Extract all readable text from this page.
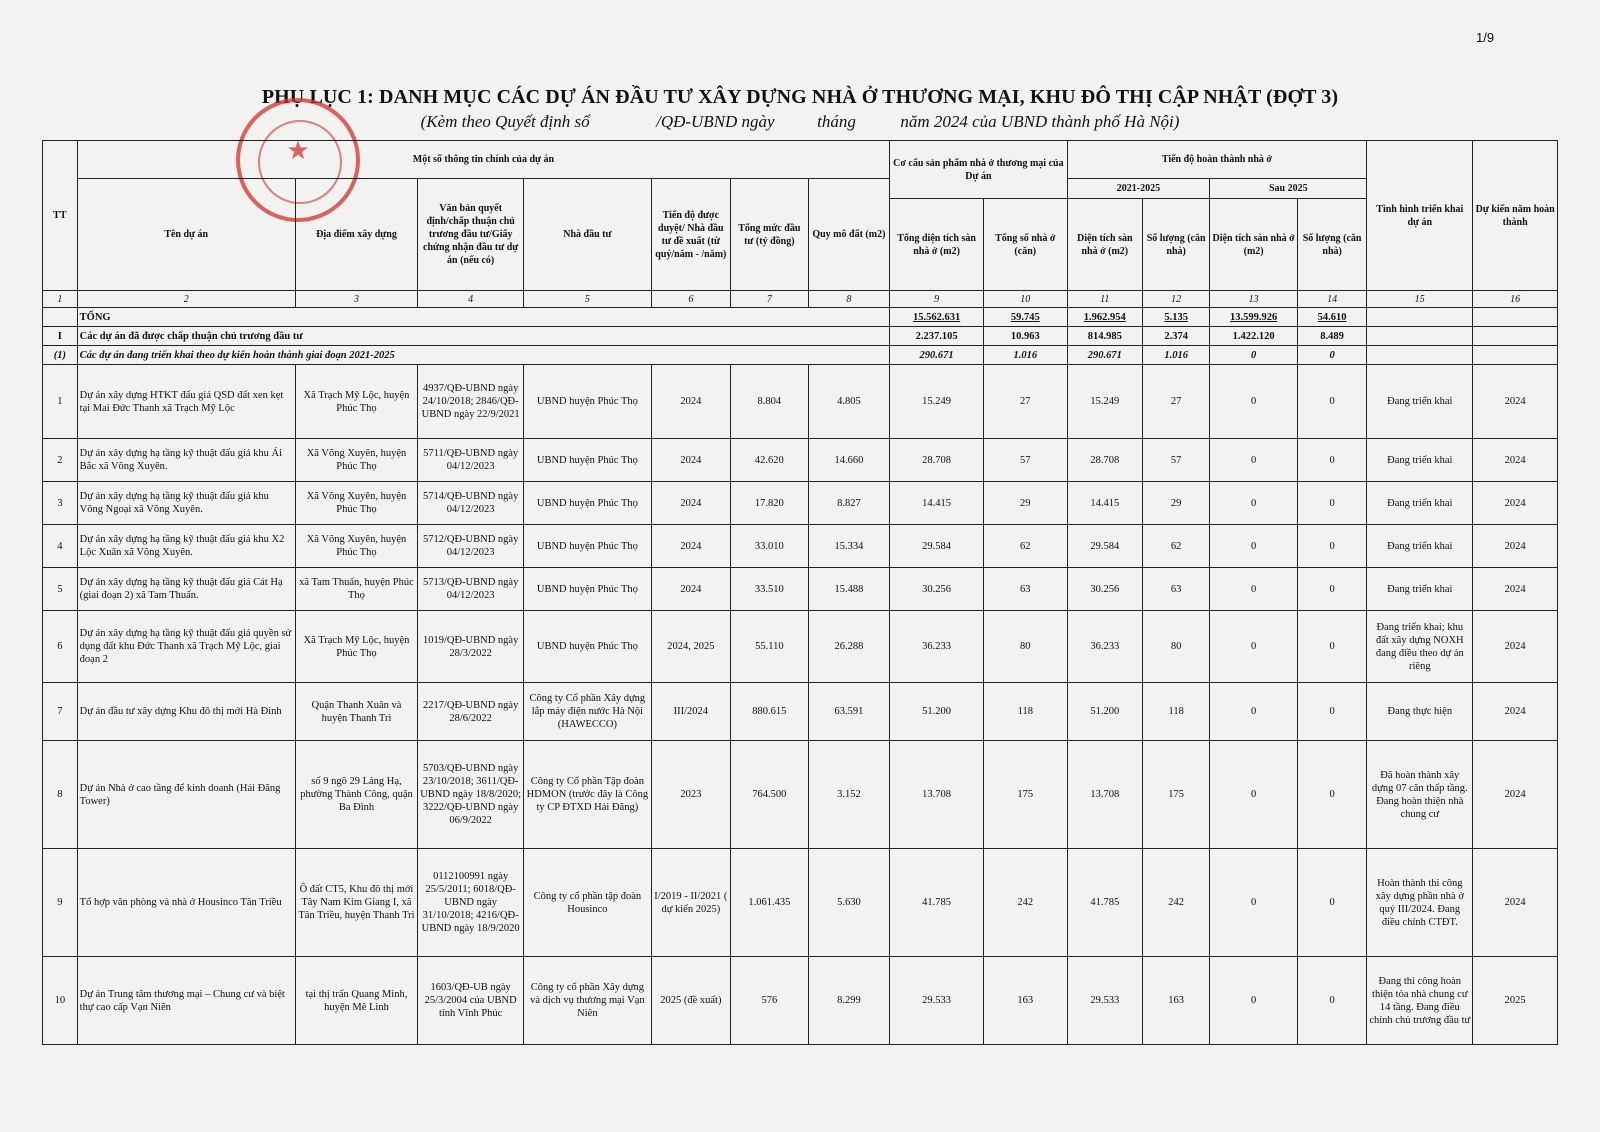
1/9
PHỤ LỤC 1: DANH MỤC CÁC DỰ ÁN ĐẦU TƯ XÂY DỰNG NHÀ Ở THƯƠNG MẠI, KHU ĐÔ THỊ CẬP NHẬT (ĐỢT 3)
(Kèm theo Quyết định số	/QĐ-UBND ngày	tháng	năm 2024 của UBND thành phố Hà Nội)
★
TT	Một số thông tin chính của dự án							Cơ cấu sản phẩm nhà ở thương mại của Dự án		Tiến độ hoàn thành nhà ở				Tình hình triển khai dự án	Dự kiến năm hoàn thành
	Tên dự án	Địa điểm xây dựng	Văn bản quyết định/chấp thuận chủ trương đầu tư/Giấy chứng nhận đầu tư dự án (nếu có)	Nhà đầu tư	Tiến độ được duyệt/ Nhà đầu tư đề xuất (từ quý/năm - /năm)	Tổng mức đầu tư (tỷ đồng)	Quy mô đất (m2)			2021-2025		Sau 2025			
								Tổng diện tích sàn nhà ở (m2)	Tổng số nhà ở (căn)	Diện tích sàn nhà ở (m2)	Số lượng (căn nhà)	Diện tích sàn nhà ở (m2)	Số lượng (căn nhà)		
1	2	3	4	5	6	7	8	9	10	11	12	13	14	15	16
	TỔNG							15.562.631	59.745	1.962.954	5.135	13.599.926	54.610		
I	Các dự án đã được chấp thuận chủ trương đầu tư							2.237.105	10.963	814.985	2.374	1.422.120	8.489		
(1)	Các dự án đang triển khai theo dự kiến hoàn thành giai đoạn 2021-2025							290.671	1.016	290.671	1.016	0	0		
1	Dự án xây dựng HTKT đấu giá QSD đất xen kẹt tại Mai Đức Thanh xã Trạch Mỹ Lộc	Xã Trạch Mỹ Lộc, huyện Phúc Thọ	4937/QĐ-UBND ngày 24/10/2018; 2846/QĐ-UBND ngày 22/9/2021	UBND huyện Phúc Thọ	2024	8.804	4.805	15.249	27	15.249	27	0	0	Đang triển khai	2024
2	Dự án xây dựng hạ tầng kỹ thuật đấu giá khu Ái Bắc xã Võng Xuyên.	Xã Võng Xuyên, huyện Phúc Thọ	5711/QĐ-UBND ngày 04/12/2023	UBND huyện Phúc Thọ	2024	42.620	14.660	28.708	57	28.708	57	0	0	Đang triển khai	2024
3	Dự án xây dựng hạ tầng kỹ thuật đấu giá khu Võng Ngoại xã Võng Xuyên.	Xã Võng Xuyên, huyện Phúc Thọ	5714/QĐ-UBND ngày 04/12/2023	UBND huyện Phúc Thọ	2024	17.820	8.827	14.415	29	14.415	29	0	0	Đang triển khai	2024
4	Dự án xây dựng hạ tầng kỹ thuật đấu giá khu X2 Lộc Xuân xã Võng Xuyên.	Xã Võng Xuyên, huyện Phúc Thọ	5712/QĐ-UBND ngày 04/12/2023	UBND huyện Phúc Thọ	2024	33.010	15.334	29.584	62	29.584	62	0	0	Đang triển khai	2024
5	Dự án xây dựng hạ tầng kỹ thuật đấu giá Cát Hạ (giai đoạn 2) xã Tam Thuấn.	xã Tam Thuấn, huyện Phúc Thọ	5713/QĐ-UBND ngày 04/12/2023	UBND huyện Phúc Thọ	2024	33.510	15.488	30.256	63	30.256	63	0	0	Đang triển khai	2024
6	Dự án xây dựng hạ tầng kỹ thuật đấu giá quyền sử dụng đất khu Đức Thanh xã Trạch Mỹ Lộc, giai đoạn 2	Xã Trạch Mỹ Lộc, huyện Phúc Thọ	1019/QĐ-UBND ngày 28/3/2022	UBND huyện Phúc Thọ	2024, 2025	55.110	26.288	36.233	80	36.233	80	0	0	Đang triển khai; khu đất xây dựng NOXH đang điều theo dự án riêng	2024
7	Dự án đầu tư xây dựng Khu đô thị mới Hà Đình	Quận Thanh Xuân và huyện Thanh Trì	2217/QĐ-UBND ngày 28/6/2022	Công ty Cổ phần Xây dựng lắp máy điện nước Hà Nội (HAWECCO)	III/2024	880.615	63.591	51.200	118	51.200	118	0	0	Đang thực hiện	2024
8	Dự án Nhà ở cao tầng để kinh doanh (Hải Đăng Tower)	số 9 ngõ 29 Láng Hạ, phường Thành Công, quận Ba Đình	5703/QĐ-UBND ngày 23/10/2018; 3611/QĐ-UBND ngày 18/8/2020; 3222/QĐ-UBND ngày 06/9/2022	Công ty Cổ phần Tập đoàn HDMON (trước đây là Công ty CP ĐTXD Hải Đăng)	2023	764.500	3.152	13.708	175	13.708	175	0	0	Đã hoàn thành xây dựng 07 căn thấp tầng. Đang hoàn thiện nhà chung cư	2024
9	Tổ hợp văn phòng và nhà ở Housinco Tân Triều	Ô đất CT5, Khu đô thị mới Tây Nam Kim Giang I, xã Tân Triều, huyện Thanh Trì	0112100991 ngày 25/5/2011; 6018/QĐ-UBND ngày 31/10/2018; 4216/QĐ-UBND ngày 18/9/2020	Công ty cổ phần tập đoàn Housinco	I/2019 - II/2021 ( dự kiến 2025)	1.061.435	5.630	41.785	242	41.785	242	0	0	Hoàn thành thi công xây dựng phần nhà ở quý III/2024. Đang điều chỉnh CTĐT.	2024
10	Dự án Trung tâm thương mại – Chung cư và biệt thự cao cấp Vạn Niên	tại thị trấn Quang Minh, huyện Mê Linh	1603/QĐ-UB ngày 25/3/2004 của UBND tỉnh Vĩnh Phúc	Công ty cổ phần Xây dựng và dịch vụ thương mại Vạn Niên	2025 (đề xuất)	576	8.299	29.533	163	29.533	163	0	0	Đang thi công hoàn thiện tòa nhà chung cư 14 tầng. Đang điều chỉnh chủ trương đầu tư	2025
